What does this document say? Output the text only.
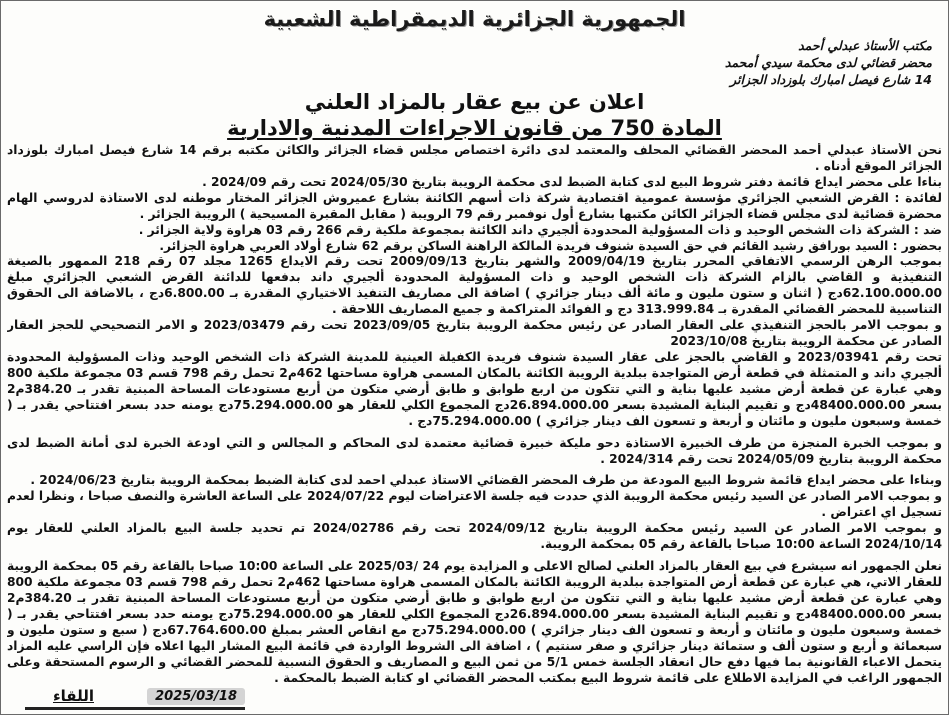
الجمهورية الجزائرية الديمقراطية الشعبية
مكتب الأستاذ عبدلي أحمد
محضر قضائي لدى محكمة سيدي أمحمد
14 شارع فيصل امبارك بلوزداد الجزائر
اعلان عن بيع عقار بالمزاد العلني
المادة 750 من قانون الاجراءات المدنية والادارية

نحن الأستاذ عبدلي أحمد المحضر القضائي المحلف والمعتمد لدى دائرة اختصاص مجلس قضاء الجزائر والكائن مكتبه برقم 14 شارع فيصل امبارك بلوزداد الجزائر الموقع أدناه .

بناءا على محضر ايداع قائمة دفتر شروط البيع لدى كتابة الضبط لدى محكمة الرويبة بتاريخ 2024/05/30 تحت رقم 2024/09 .

لفائدة : القرض الشعبي الجزائري مؤسسة عمومية اقتصادية شركة ذات أسهم الكائنة بشارع عميروش الجزائر المختار موطنه لدى الاستاذة لدروسي الهام محضرة قضائية لدى مجلس قضاء الجزائر الكائن مكتبها بشارع أول نوفمبر رقم 79 الرويبة ( مقابل المقبرة المسيحية ) الرويبة الجزائر .

ضد : الشركة ذات الشخص الوحيد و ذات المسؤولية المحدودة ألجيري داند الكائنة بمجموعة ملكية رقم 266 رقم 03 هراوة ولاية الجزائر .

بحضور : السيد بورافق رشيد القائم في حق السيدة شنوف فريدة المالكة الراهنة الساكن برقم 62 شارع أولاد العربي هراوة الجزائر.

بموجب الرهن الرسمي الاتفاقي المحرر بتاريخ 2009/04/19 والشهر بتاريخ 2009/09/13 تحت رقم الايداع 1265 مجلد 07 رقم 218 الممهور بالصيغة التنفيذية و القاضي بالزام الشركة ذات الشخص الوحيد و ذات المسؤولية المحدودة ألجيري داند بدفعها للدائنة القرض الشعبي الجزائري مبلغ 62.100.000.00دج ( اثنان و ستون مليون و مائة ألف دينار جزائري ) اضافة الى مصاريف التنفيذ الاختياري المقدرة بـ 6.800.00دج ، بالاضافة الى الحقوق التناسبية للمحضر القضائي المقدرة بـ 313.999.84 دج و الفوائد المتراكمة و جميع المصاريف اللاحقة .

و بموجب الامر بالحجز التنفيذي على العقار الصادر عن رئيس محكمة الرويبة بتاريخ 2023/09/05 تحت رقم 2023/03479 و الامر التصحيحي للحجز العقار الصادر عن محكمة الرويبة بتاريخ 2023/10/08

تحت رقم 2023/03941 و القاضي بالحجز على عقار السيدة شنوف فريدة الكفيلة العينية للمدينة الشركة ذات الشخص الوحيد وذات المسؤولية المحدودة ألجيري داند و المتمثلة في قطعة أرض المتواجدة ببلدية الرويبة الكائنة بالمكان المسمى هراوة مساحتها 462م2 تحمل رقم 798 قسم 03 مجموعة ملكية 800 وهي عبارة عن قطعة أرض مشيد عليها بناية و التي تتكون من اربع طوابق و طابق أرضي متكون من أربع مستودعات المساحة المبنية تقدر بـ 384.20م2 بسعر 48400.000.00دج و تقييم البناية المشيدة بسعر 26.894.000.00دج المجموع الكلي للعقار هو 75.294.000.00دج يومنه حدد بسعر افتتاحي يقدر بـ ( خمسة وسبعون مليون و مائتان و أربعة و تسعون الف دينار جزائري ) 75.294.000.00دج .

و بموجب الخبرة المنجزة من طرف الخبيرة الاستاذة دحو مليكة خبيرة قضائية معتمدة لدى المحاكم و المجالس و التي اودعة الخبرة لدى أمانة الضبط لدى محكمة الرويبة بتاريخ 2024/05/09 تحت رقم 2024/314 .

وبناءا على محضر ايداع قائمة شروط البيع المودعة من طرف المحضر القضائي الاستاذ عبدلي احمد لدى كتابة الضبط بمحكمة الرويبة بتاريخ 2024/06/23 .

و بموجب الامر الصادر عن السيد رئيس محكمة الرويبة الذي حددت فيه جلسة الاعتراضات ليوم 2024/07/22 على الساعة العاشرة والنصف صباحا ، ونظرا لعدم تسجيل اي اعتراض .

و بموجب الامر الصادر عن السيد رئيس محكمة الرويبة بتاريخ 2024/09/12 تحت رقم 2024/02786 تم تحديد جلسة البيع بالمزاد العلني للعقار يوم 2024/10/14 الساعة 10:00 صباحا بالقاعة رقم 05 بمحكمة الرويبة.

نعلن الجمهور انه سيشرع في بيع العقار بالمزاد العلني لصالح الاعلى و المزايدة يوم 24 /2025/03 على الساعة 10:00 صباحا بالقاعة رقم 05 بمحكمة الرويبة للعقار الاتي، هي عبارة عن قطعة أرض المتواجدة ببلدية الرويبة الكائنة بالمكان المسمى هراوة مساحتها 462م2 تحمل رقم 798 قسم 03 مجموعة ملكية 800 وهي عبارة عن قطعة أرض مشيد عليها بناية و التي تتكون من اربع طوابق و طابق أرضي متكون من أربع مستودعات المساحة المبنية تقدر بـ 384.20م2 بسعر 48400.000.00دج و تقييم البناية المشيدة بسعر 26.894.000.00دج المجموع الكلي للعقار هو 75.294.000.00دج يومنه حدد بسعر افتتاحي يقدر بـ ( خمسة وسبعون مليون و مائتان و أربعة و تسعون الف دينار جزائري ) 75.294.000.00دج مع انقاص العشر بمبلغ 67.764.600.00دج ( سبع و ستون مليون و سبعمائة و أربع و ستون ألف و ستمائة دينار جزائري و صفر سنتيم ) ، اضافة الى الشروط الواردة في قائمة البيع المشار اليها اعلاه فإن الراسي عليه المزاد يتحمل الاعباء القانونية بما فيها دفع حال انعقاد الجلسة خمس 5/1 من ثمن البيع و المصاريف و الحقوق النسبية للمحضر القضائي و الرسوم المستحقة وعلى الجمهور الراغب في المزايدة الاطلاع على قائمة شروط البيع بمكتب المحضر القضائي او كتابة الضبط بالمحكمة .

اللقاء	2025/03/18
